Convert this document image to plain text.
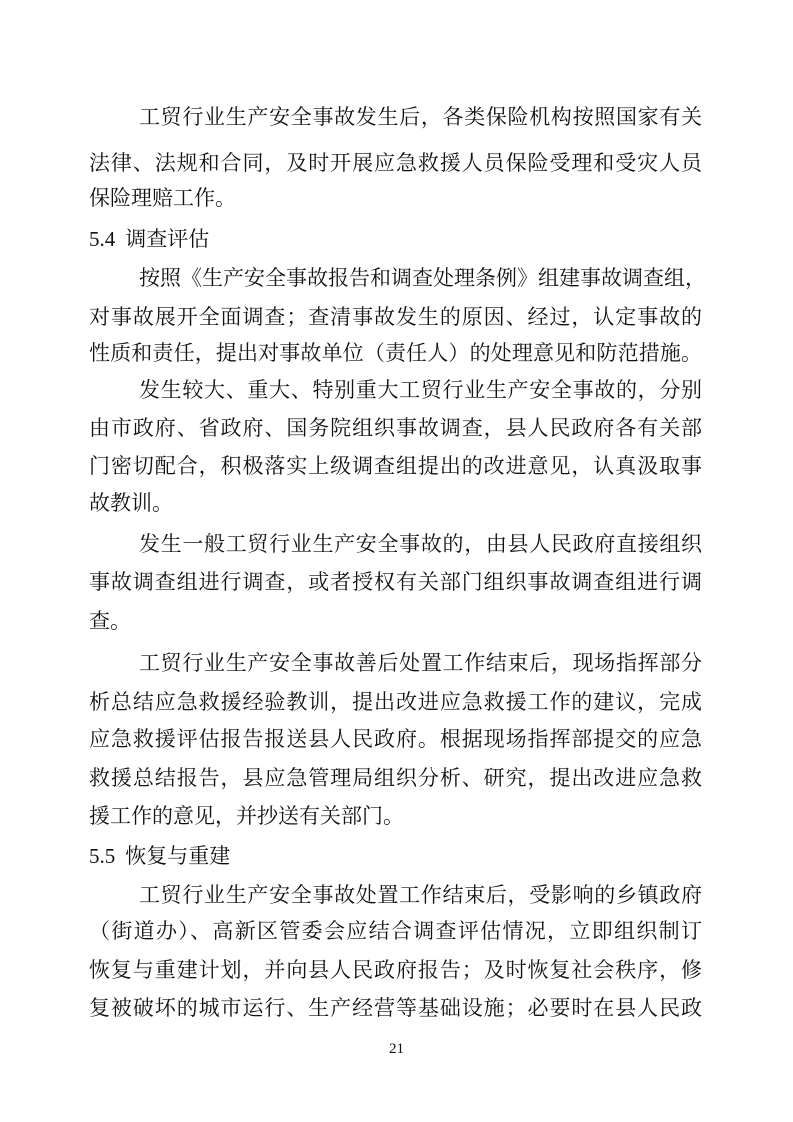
工贸行业生产安全事故发生后，各类保险机构按照国家有关
法律、法规和合同，及时开展应急救援人员保险受理和受灾人员
保险理赔工作。
5.4 调查评估
按照《生产安全事故报告和调查处理条例》组建事故调查组，
对事故展开全面调查；查清事故发生的原因、经过，认定事故的
性质和责任，提出对事故单位（责任人）的处理意见和防范措施。
发生较大、重大、特别重大工贸行业生产安全事故的，分别
由市政府、省政府、国务院组织事故调查，县人民政府各有关部
门密切配合，积极落实上级调查组提出的改进意见，认真汲取事
故教训。
发生一般工贸行业生产安全事故的，由县人民政府直接组织
事故调查组进行调查，或者授权有关部门组织事故调查组进行调
查。
工贸行业生产安全事故善后处置工作结束后，现场指挥部分
析总结应急救援经验教训，提出改进应急救援工作的建议，完成
应急救援评估报告报送县人民政府。根据现场指挥部提交的应急
救援总结报告，县应急管理局组织分析、研究，提出改进应急救
援工作的意见，并抄送有关部门。
5.5 恢复与重建
工贸行业生产安全事故处置工作结束后，受影响的乡镇政府
（街道办）、高新区管委会应结合调查评估情况，立即组织制订
恢复与重建计划，并向县人民政府报告；及时恢复社会秩序，修
复被破坏的城市运行、生产经营等基础设施；必要时在县人民政
21
